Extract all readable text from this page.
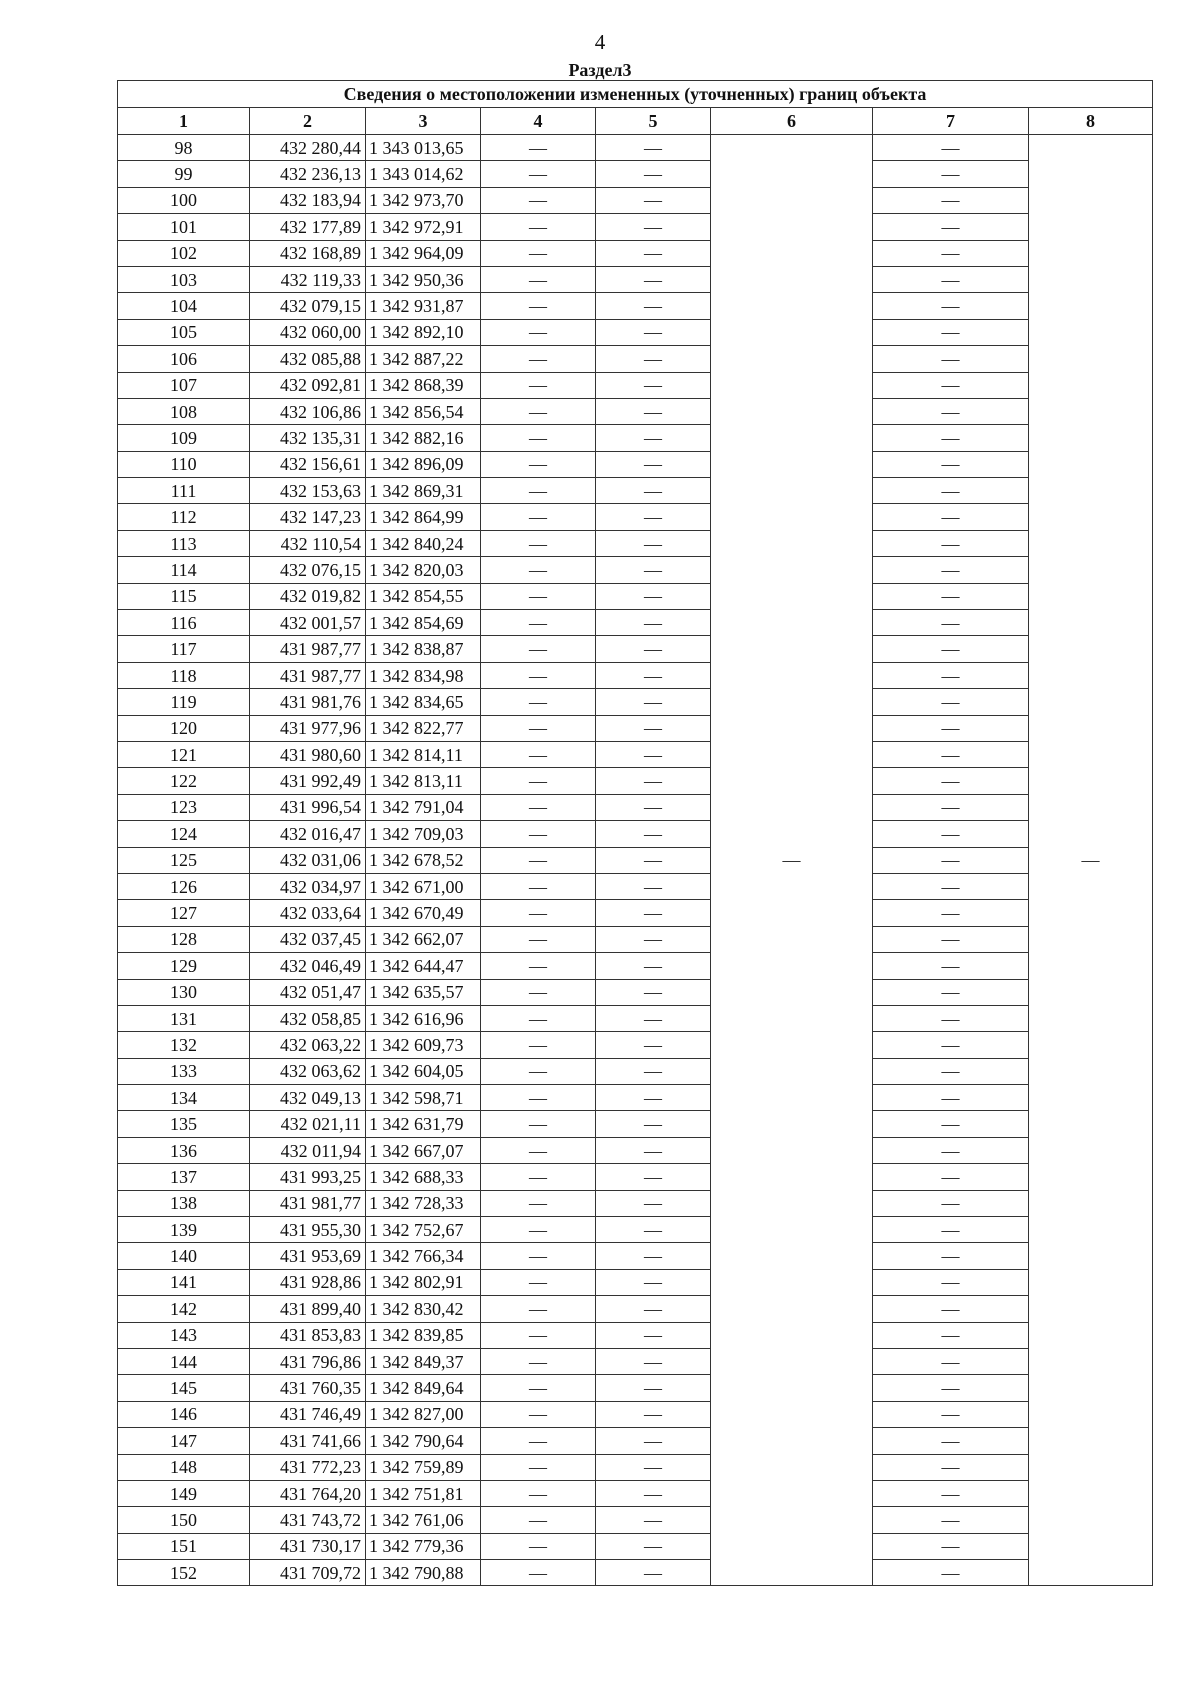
4
Раздел3
Сведения о местоположении измененных (уточненных) границ объекта							
1	2	3	4	5	6	7	8
98	432 280,44	1 343 013,65	—	—	—	—	—
99	432 236,13	1 343 014,62	—	—		—	
100	432 183,94	1 342 973,70	—	—		—	
101	432 177,89	1 342 972,91	—	—		—	
102	432 168,89	1 342 964,09	—	—		—	
103	432 119,33	1 342 950,36	—	—		—	
104	432 079,15	1 342 931,87	—	—		—	
105	432 060,00	1 342 892,10	—	—		—	
106	432 085,88	1 342 887,22	—	—		—	
107	432 092,81	1 342 868,39	—	—		—	
108	432 106,86	1 342 856,54	—	—		—	
109	432 135,31	1 342 882,16	—	—		—	
110	432 156,61	1 342 896,09	—	—		—	
111	432 153,63	1 342 869,31	—	—		—	
112	432 147,23	1 342 864,99	—	—		—	
113	432 110,54	1 342 840,24	—	—		—	
114	432 076,15	1 342 820,03	—	—		—	
115	432 019,82	1 342 854,55	—	—		—	
116	432 001,57	1 342 854,69	—	—		—	
117	431 987,77	1 342 838,87	—	—		—	
118	431 987,77	1 342 834,98	—	—		—	
119	431 981,76	1 342 834,65	—	—		—	
120	431 977,96	1 342 822,77	—	—		—	
121	431 980,60	1 342 814,11	—	—		—	
122	431 992,49	1 342 813,11	—	—		—	
123	431 996,54	1 342 791,04	—	—		—	
124	432 016,47	1 342 709,03	—	—		—	
125	432 031,06	1 342 678,52	—	—		—	
126	432 034,97	1 342 671,00	—	—		—	
127	432 033,64	1 342 670,49	—	—		—	
128	432 037,45	1 342 662,07	—	—		—	
129	432 046,49	1 342 644,47	—	—		—	
130	432 051,47	1 342 635,57	—	—		—	
131	432 058,85	1 342 616,96	—	—		—	
132	432 063,22	1 342 609,73	—	—		—	
133	432 063,62	1 342 604,05	—	—		—	
134	432 049,13	1 342 598,71	—	—		—	
135	432 021,11	1 342 631,79	—	—		—	
136	432 011,94	1 342 667,07	—	—		—	
137	431 993,25	1 342 688,33	—	—		—	
138	431 981,77	1 342 728,33	—	—		—	
139	431 955,30	1 342 752,67	—	—		—	
140	431 953,69	1 342 766,34	—	—		—	
141	431 928,86	1 342 802,91	—	—		—	
142	431 899,40	1 342 830,42	—	—		—	
143	431 853,83	1 342 839,85	—	—		—	
144	431 796,86	1 342 849,37	—	—		—	
145	431 760,35	1 342 849,64	—	—		—	
146	431 746,49	1 342 827,00	—	—		—	
147	431 741,66	1 342 790,64	—	—		—	
148	431 772,23	1 342 759,89	—	—		—	
149	431 764,20	1 342 751,81	—	—		—	
150	431 743,72	1 342 761,06	—	—		—	
151	431 730,17	1 342 779,36	—	—		—	
152	431 709,72	1 342 790,88	—	—		—	
